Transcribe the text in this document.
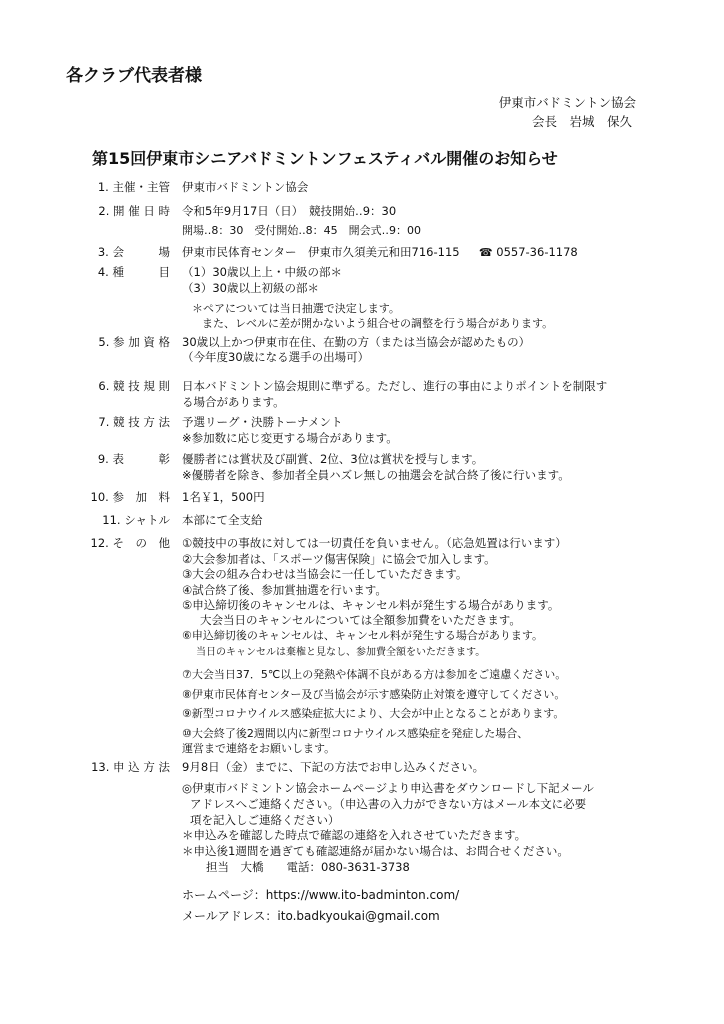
各クラブ代表者様
伊東市バドミントン協会
会長　岩城　保久
第15回伊東市シニアバドミントンフェスティバル開催のお知らせ
1. 主催・主管 伊東市バドミントン協会
2. 開 催 日 時 令和5年9月17日（日）　競技開始‥9：30
開場‥8：30　受付開始‥8：45　開会式‥9：00
3. 会　　　場 伊東市民体育センター　伊東市久須美元和田716-115 ☎ 0557-36-1178
4. 種　　　目 （1）30歳以上上・中級の部＊
（3）30歳以上初級の部＊
＊ペアについては当日抽選で決定します。
また、レベルに差が開かないよう組合せの調整を行う場合があります。
5. 参 加 資 格 30歳以上かつ伊東市在住、在勤の方（または当協会が認めたもの）
（今年度30歳になる選手の出場可）
6. 競 技 規 則 日本バドミントン協会規則に準ずる。ただし、進行の事由によりポイントを制限す
る場合があります。
7. 競 技 方 法 予選リーグ・決勝トーナメント
※参加数に応じ変更する場合があります。
9. 表　　　彰 優勝者には賞状及び副賞、2位、3位は賞状を授与します。
※優勝者を除き、参加者全員ハズレ無しの抽選会を試合終了後に行います。
10. 参　加　料 1名￥1，500円
11. シャトル 本部にて全支給
12. そ　の　他 ①競技中の事故に対しては一切責任を負いません。（応急処置は行います）
②大会参加者は、「スポーツ傷害保険」に協会で加入します。
③大会の組み合わせは当協会に一任していただきます。
④試合終了後、参加賞抽選を行います。
⑤申込締切後のキャンセルは、キャンセル料が発生する場合があります。
大会当日のキャンセルについては全額参加費をいただきます。
⑥申込締切後のキャンセルは、キャンセル料が発生する場合があります。
当日のキャンセルは棄権と見なし、参加費全額をいただきます。
⑦大会当日37．5℃以上の発熱や体調不良がある方は参加をご遠慮ください。
⑧伊東市民体育センター及び当協会が示す感染防止対策を遵守してください。
⑨新型コロナウイルス感染症拡大により、大会が中止となることがあります。
⑩大会終了後2週間以内に新型コロナウイルス感染症を発症した場合、
運営まで連絡をお願いします。
13. 申 込 方 法 9月8日（金）までに、下記の方法でお申し込みください。
◎伊東市バドミントン協会ホームページより申込書をダウンロードし下記メール
アドレスへご連絡ください。（申込書の入力ができない方はメール本文に必要
項を記入しご連絡ください）
＊申込みを確認した時点で確認の連絡を入れさせていただきます。
＊申込後1週間を過ぎても確認連絡が届かない場合は、お問合せください。
担当　大橋　　電話：080-3631-3738
ホームページ：https://www.ito-badminton.com/
メールアドレス：ito.badkyoukai@gmail.com
